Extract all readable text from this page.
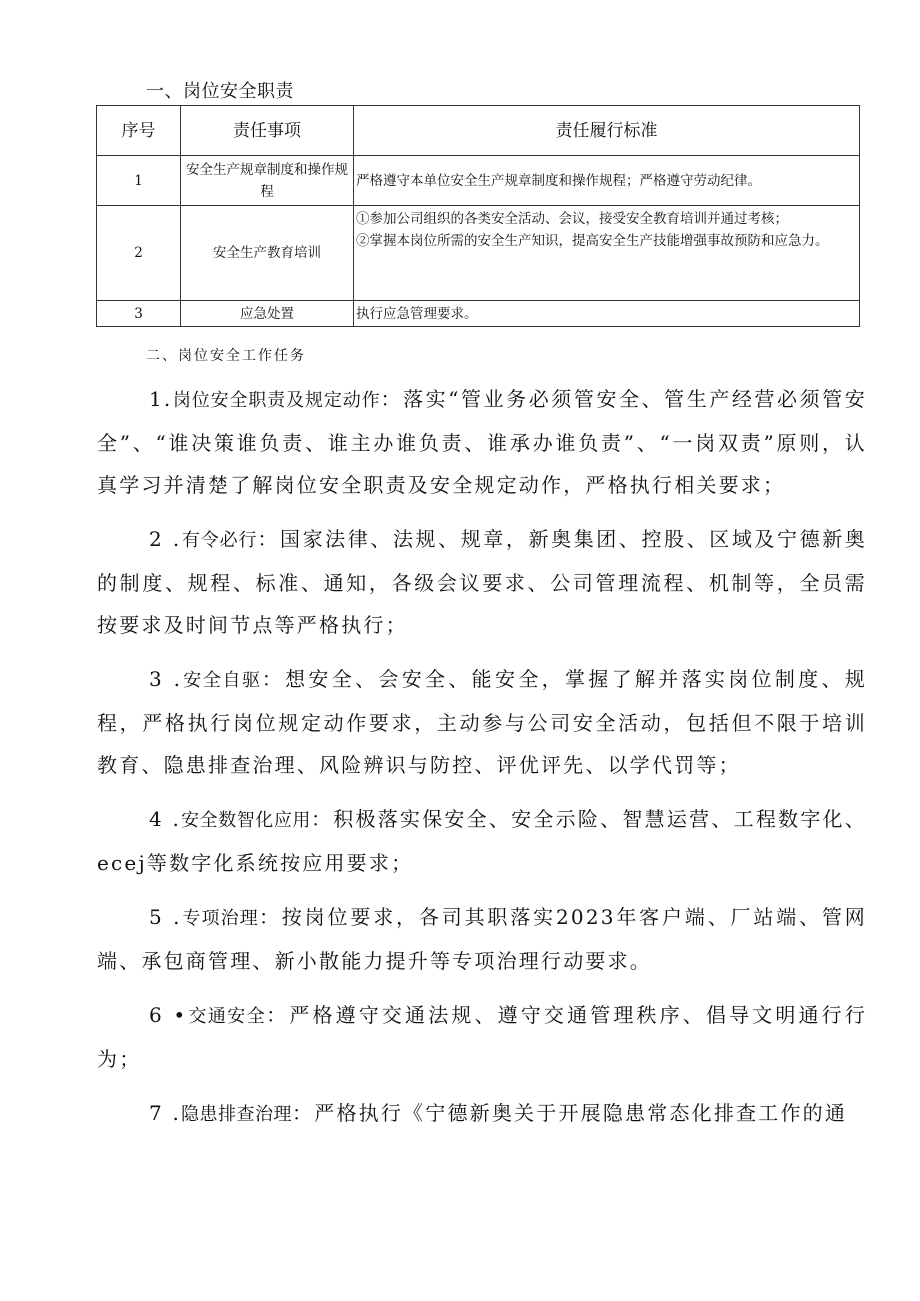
一、岗位安全职责
序号	责任事项	责任履行标准
1	安全生产规章制度和操作规程	严格遵守本单位安全生产规章制度和操作规程；严格遵守劳动纪律。

2	安全生产教育培训	①参加公司组织的各类安全活动、会议，接受安全教育培训并通过考核；
②掌握本岗位所需的安全生产知识，提高安全生产技能增强事故预防和应急力。

3	应急处置	执行应急管理要求。
二、岗位安全工作任务

1.岗位安全职责及规定动作：落实“管业务必须管安全、管生产经营必须管安全”、“谁决策谁负责、谁主办谁负责、谁承办谁负责”、“一岗双责”原则，认真学习并清楚了解岗位安全职责及安全规定动作，严格执行相关要求；

2 .有令必行：国家法律、法规、规章，新奥集团、控股、区域及宁德新奥的制度、规程、标准、通知，各级会议要求、公司管理流程、机制等，全员需按要求及时间节点等严格执行；

3 .安全自驱：想安全、会安全、能安全，掌握了解并落实岗位制度、规程，严格执行岗位规定动作要求，主动参与公司安全活动，包括但不限于培训教育、隐患排查治理、风险辨识与防控、评优评先、以学代罚等；

4 .安全数智化应用：积极落实保安全、安全示险、智慧运营、工程数字化、ecej等数字化系统按应用要求；

5 .专项治理：按岗位要求，各司其职落实2023年客户端、厂站端、管网端、承包商管理、新小散能力提升等专项治理行动要求。

6 •交通安全：严格遵守交通法规、遵守交通管理秩序、倡导文明通行行为；

7 .隐患排查治理：严格执行《宁德新奥关于开展隐患常态化排查工作的通
